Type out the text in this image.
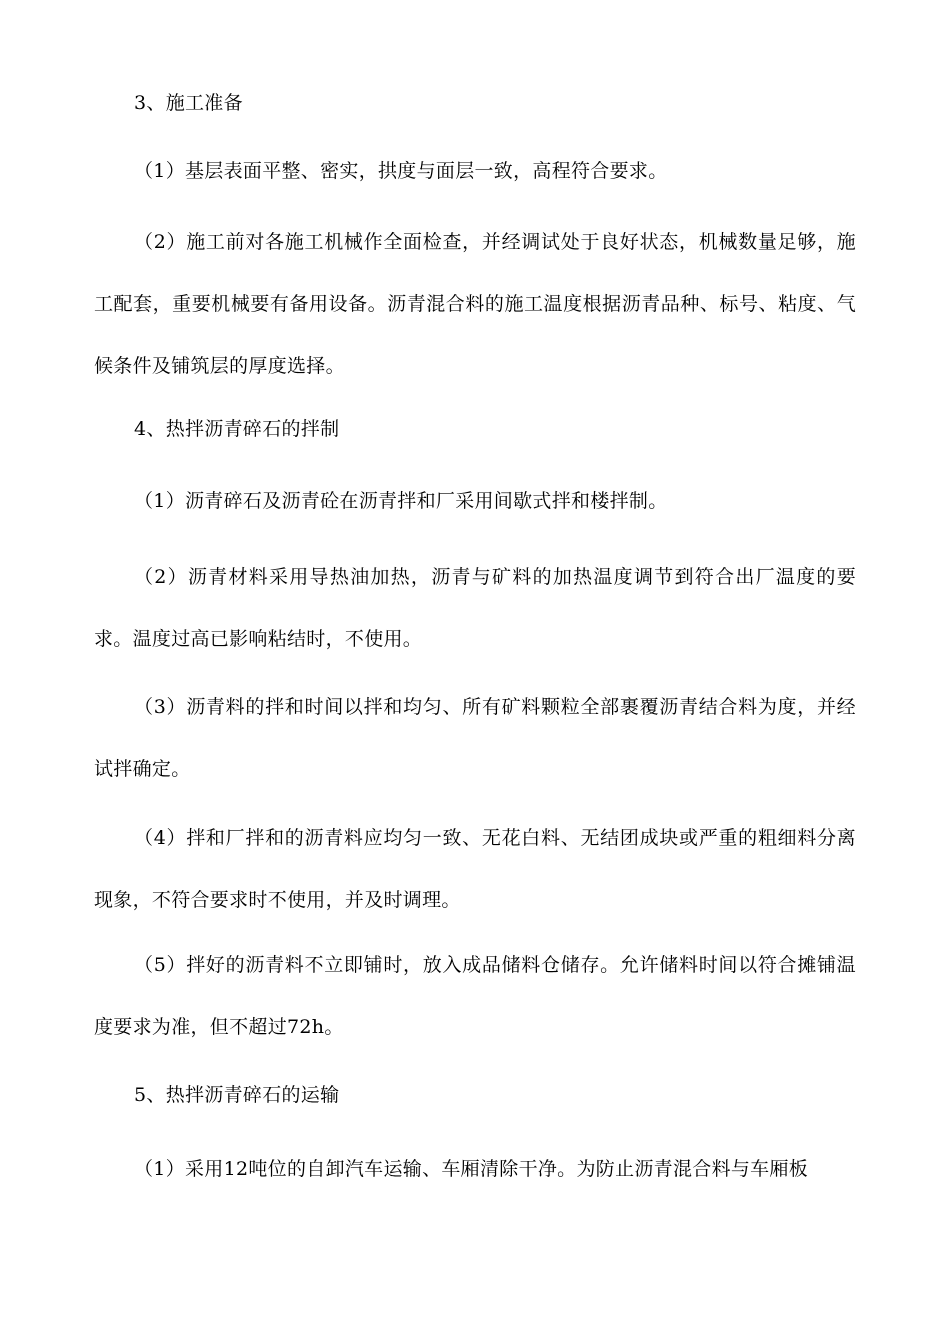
3、施工准备

（1）基层表面平整、密实，拱度与面层一致，高程符合要求。

（2）施工前对各施工机械作全面检查，并经调试处于良好状态，机械数量足够，施工配套，重要机械要有备用设备。沥青混合料的施工温度根据沥青品种、标号、粘度、气候条件及铺筑层的厚度选择。

4、热拌沥青碎石的拌制

（1）沥青碎石及沥青砼在沥青拌和厂采用间歇式拌和楼拌制。

（2）沥青材料采用导热油加热，沥青与矿料的加热温度调节到符合出厂温度的要求。温度过高已影响粘结时，不使用。

（3）沥青料的拌和时间以拌和均匀、所有矿料颗粒全部裹覆沥青结合料为度，并经试拌确定。

（4）拌和厂拌和的沥青料应均匀一致、无花白料、无结团成块或严重的粗细料分离现象，不符合要求时不使用，并及时调理。

（5）拌好的沥青料不立即铺时，放入成品储料仓储存。允许储料时间以符合摊铺温度要求为准，但不超过72h。

5、热拌沥青碎石的运输

（1）采用12吨位的自卸汽车运输、车厢清除干净。为防止沥青混合料与车厢板
